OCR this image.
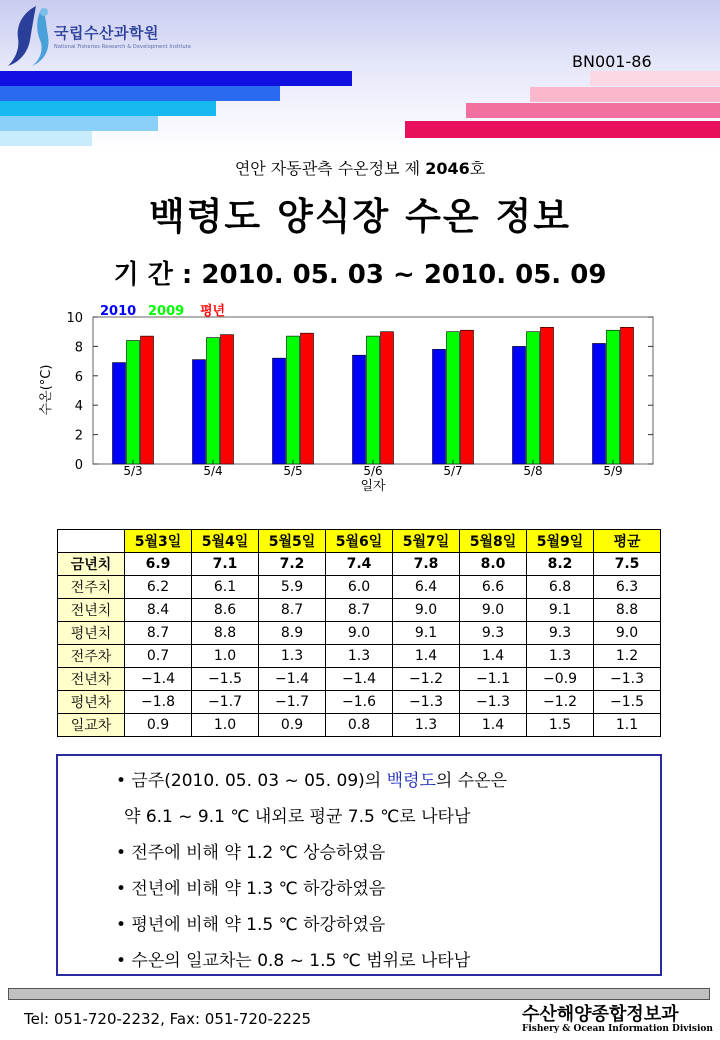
국립수산과학원
National Fisheries Research & Development Institute
BN001-86
연안 자동관측 수온정보 제 2046호
백령도 양식장 수온 정보
기 간 : 2010. 05. 03 ~ 2010. 05. 09
0
2
4
6
8
10
5/3	5/4	5/5	5/6	5/7	5/8	5/9
일자
수온(°C)
2010 2009 평년
	5월3일	5월4일	5월5일	5월6일	5월7일	5월8일	5월9일	평균
금년치	6.9	7.1	7.2	7.4	7.8	8.0	8.2	7.5
전주치	6.2	6.1	5.9	6.0	6.4	6.6	6.8	6.3
전년치	8.4	8.6	8.7	8.7	9.0	9.0	9.1	8.8
평년치	8.7	8.8	8.9	9.0	9.1	9.3	9.3	9.0
전주차	0.7	1.0	1.3	1.3	1.4	1.4	1.3	1.2
전년차	−1.4	−1.5	−1.4	−1.4	−1.2	−1.1	−0.9	−1.3
평년차	−1.8	−1.7	−1.7	−1.6	−1.3	−1.3	−1.2	−1.5
일교차	0.9	1.0	0.9	0.8	1.3	1.4	1.5	1.1
• 금주(2010. 05. 03 ~ 05. 09)의 백령도의 수온은
약 6.1 ~ 9.1 ℃ 내외로 평균 7.5 ℃로 나타남
• 전주에 비해 약 1.2 ℃ 상승하였음
• 전년에 비해 약 1.3 ℃ 하강하였음
• 평년에 비해 약 1.5 ℃ 하강하였음
• 수온의 일교차는 0.8 ~ 1.5 ℃ 범위로 나타남
Tel: 051-720-2232, Fax: 051-720-2225	수산해양종합정보과
Fishery & Ocean Information Division
